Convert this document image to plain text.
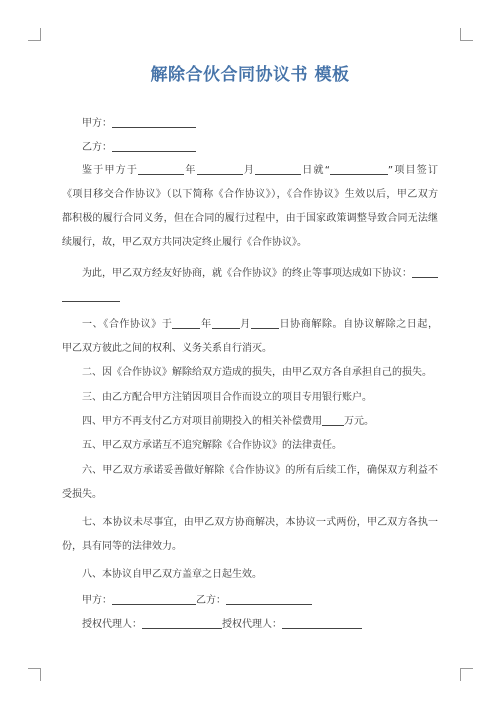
解除合伙合同协议书 模板
甲方：
乙方：
鉴于甲方于	年	月	日就“	”项目签订
《项目移交合作协议》（以下简称《合作协议》），《合作协议》生效以后，甲乙双方
都积极的履行合同义务，但在合同的履行过程中，由于国家政策调整导致合同无法继
续履行，故，甲乙双方共同决定终止履行《合作协议》。
为此，甲乙双方经友好协商，就《合作协议》的终止等事项达成如下协议：
一、《合作协议》于	年	月	日协商解除。自协议解除之日起，
甲乙双方彼此之间的权利、义务关系自行消灭。
二、因《合作协议》解除给双方造成的损失，由甲乙双方各自承担自己的损失。
三、由乙方配合甲方注销因项目合作而设立的项目专用银行账户。
四、甲方不再支付乙方对项目前期投入的相关补偿费用 万元。
五、甲乙双方承诺互不追究解除《合作协议》的法律责任。
六、甲乙双方承诺妥善做好解除《合作协议》的所有后续工作，确保双方利益不
受损失。
七、本协议未尽事宜，由甲乙双方协商解决，本协议一式两份，甲乙双方各执一
份，具有同等的法律效力。
八、本协议自甲乙双方盖章之日起生效。
甲方：	乙方：
授权代理人：	授权代理人：
